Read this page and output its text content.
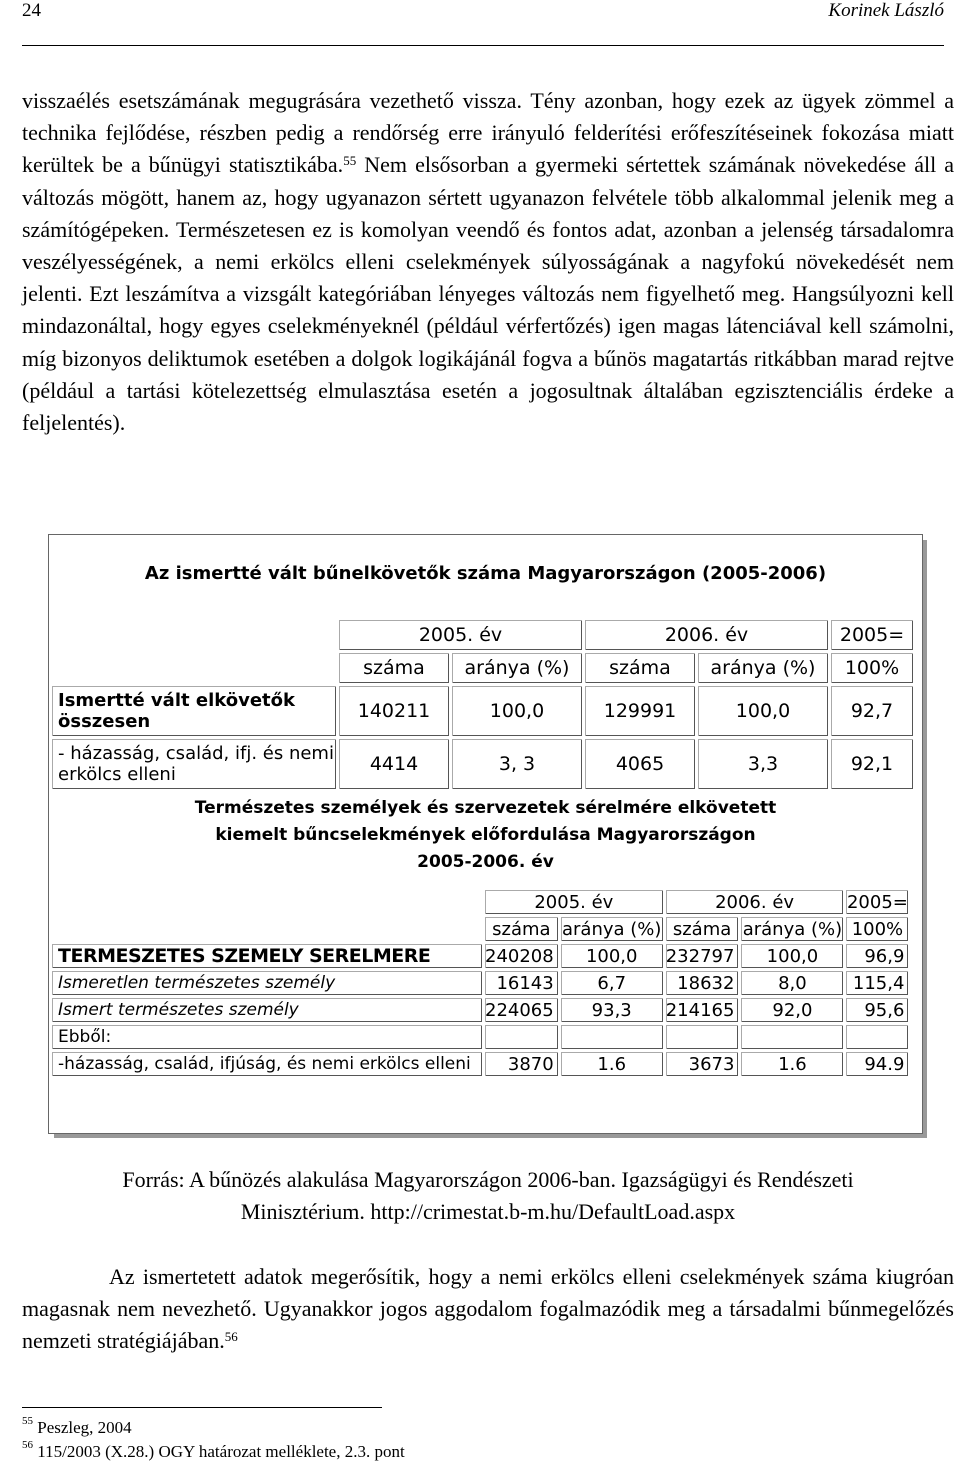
24	Korinek László

visszaélés esetszámának megugrására vezethető vissza. Tény azonban, hogy ezek az ügyek zömmel a technika fejlődése, részben pedig a rendőrség erre irányuló felderítési erőfeszítéseinek fokozása miatt kerültek be a bűnügyi statisztikába.$^{55}$ Nem elsősorban a gyermeki sértettek számának növekedése áll a változás mögött, hanem az, hogy ugyanazon sértett ugyanazon felvétele több alkalommal jelenik meg a számítógépeken. Természetesen ez is komolyan veendő és fontos adat, azonban a jelenség társadalomra veszélyességének, a nemi erkölcs elleni cselekmények súlyosságának a nagyfokú növekedését nem jelenti. Ezt leszámítva a vizsgált kategóriában lényeges változás nem figyelhető meg. Hangsúlyozni kell mindazonáltal, hogy egyes cselekményeknél (például vérfertőzés) igen magas látenciával kell számolni, míg bizonyos deliktumok esetében a dolgok logikájánál fogva a bűnös magatartás ritkábban marad rejtve (például a tartási kötelezettség elmulasztása esetén a jogosultnak általában egzisztenciális érdeke a feljelentés).

Az ismertté vált bűnelkövetők száma Magyarországon (2005-2006)
	2005. év		2006. év		2005=
	száma	aránya (%)	száma	aránya (%)	100%
Ismertté vált elkövetők összesen	140211	100,0	129991	100,0	92,7
- házasság, család, ifj. és nemi erkölcs elleni	4414	3, 3	4065	3,3	92,1
Természetes személyek és szervezetek sérelmére elkövetett
kiemelt bűncselekmények előfordulása Magyarországon
2005-2006. év
	2005. év		2006. év		2005=
	száma	aránya (%)	száma	aránya (%)	100%
TERMESZETES SZEMELY SERELMERE	240208	100,0	232797	100,0	96,9
Ismeretlen természetes személy	16143	6,7	18632	8,0	115,4
Ismert természetes személy	224065	93,3	214165	92,0	95,6
Ebből:					
-házasság, család, ifjúság, és nemi erkölcs elleni	3870	1.6	3673	1.6	94.9
Forrás: A bűnözés alakulása Magyarországon 2006-ban. Igazságügyi és Rendészeti
Minisztérium. http://crimestat.b-m.hu/DefaultLoad.aspx

Az ismertetett adatok megerősítik, hogy a nemi erkölcs elleni cselekmények száma kiugróan magasnak nem nevezhető. Ugyanakkor jogos aggodalom fogalmazódik meg a társadalmi bűnmegelőzés nemzeti stratégiájában.$^{56}$

$^{55}$ Peszleg, 2004
$^{56}$ 115/2003 (X.28.) OGY határozat melléklete, 2.3. pont
